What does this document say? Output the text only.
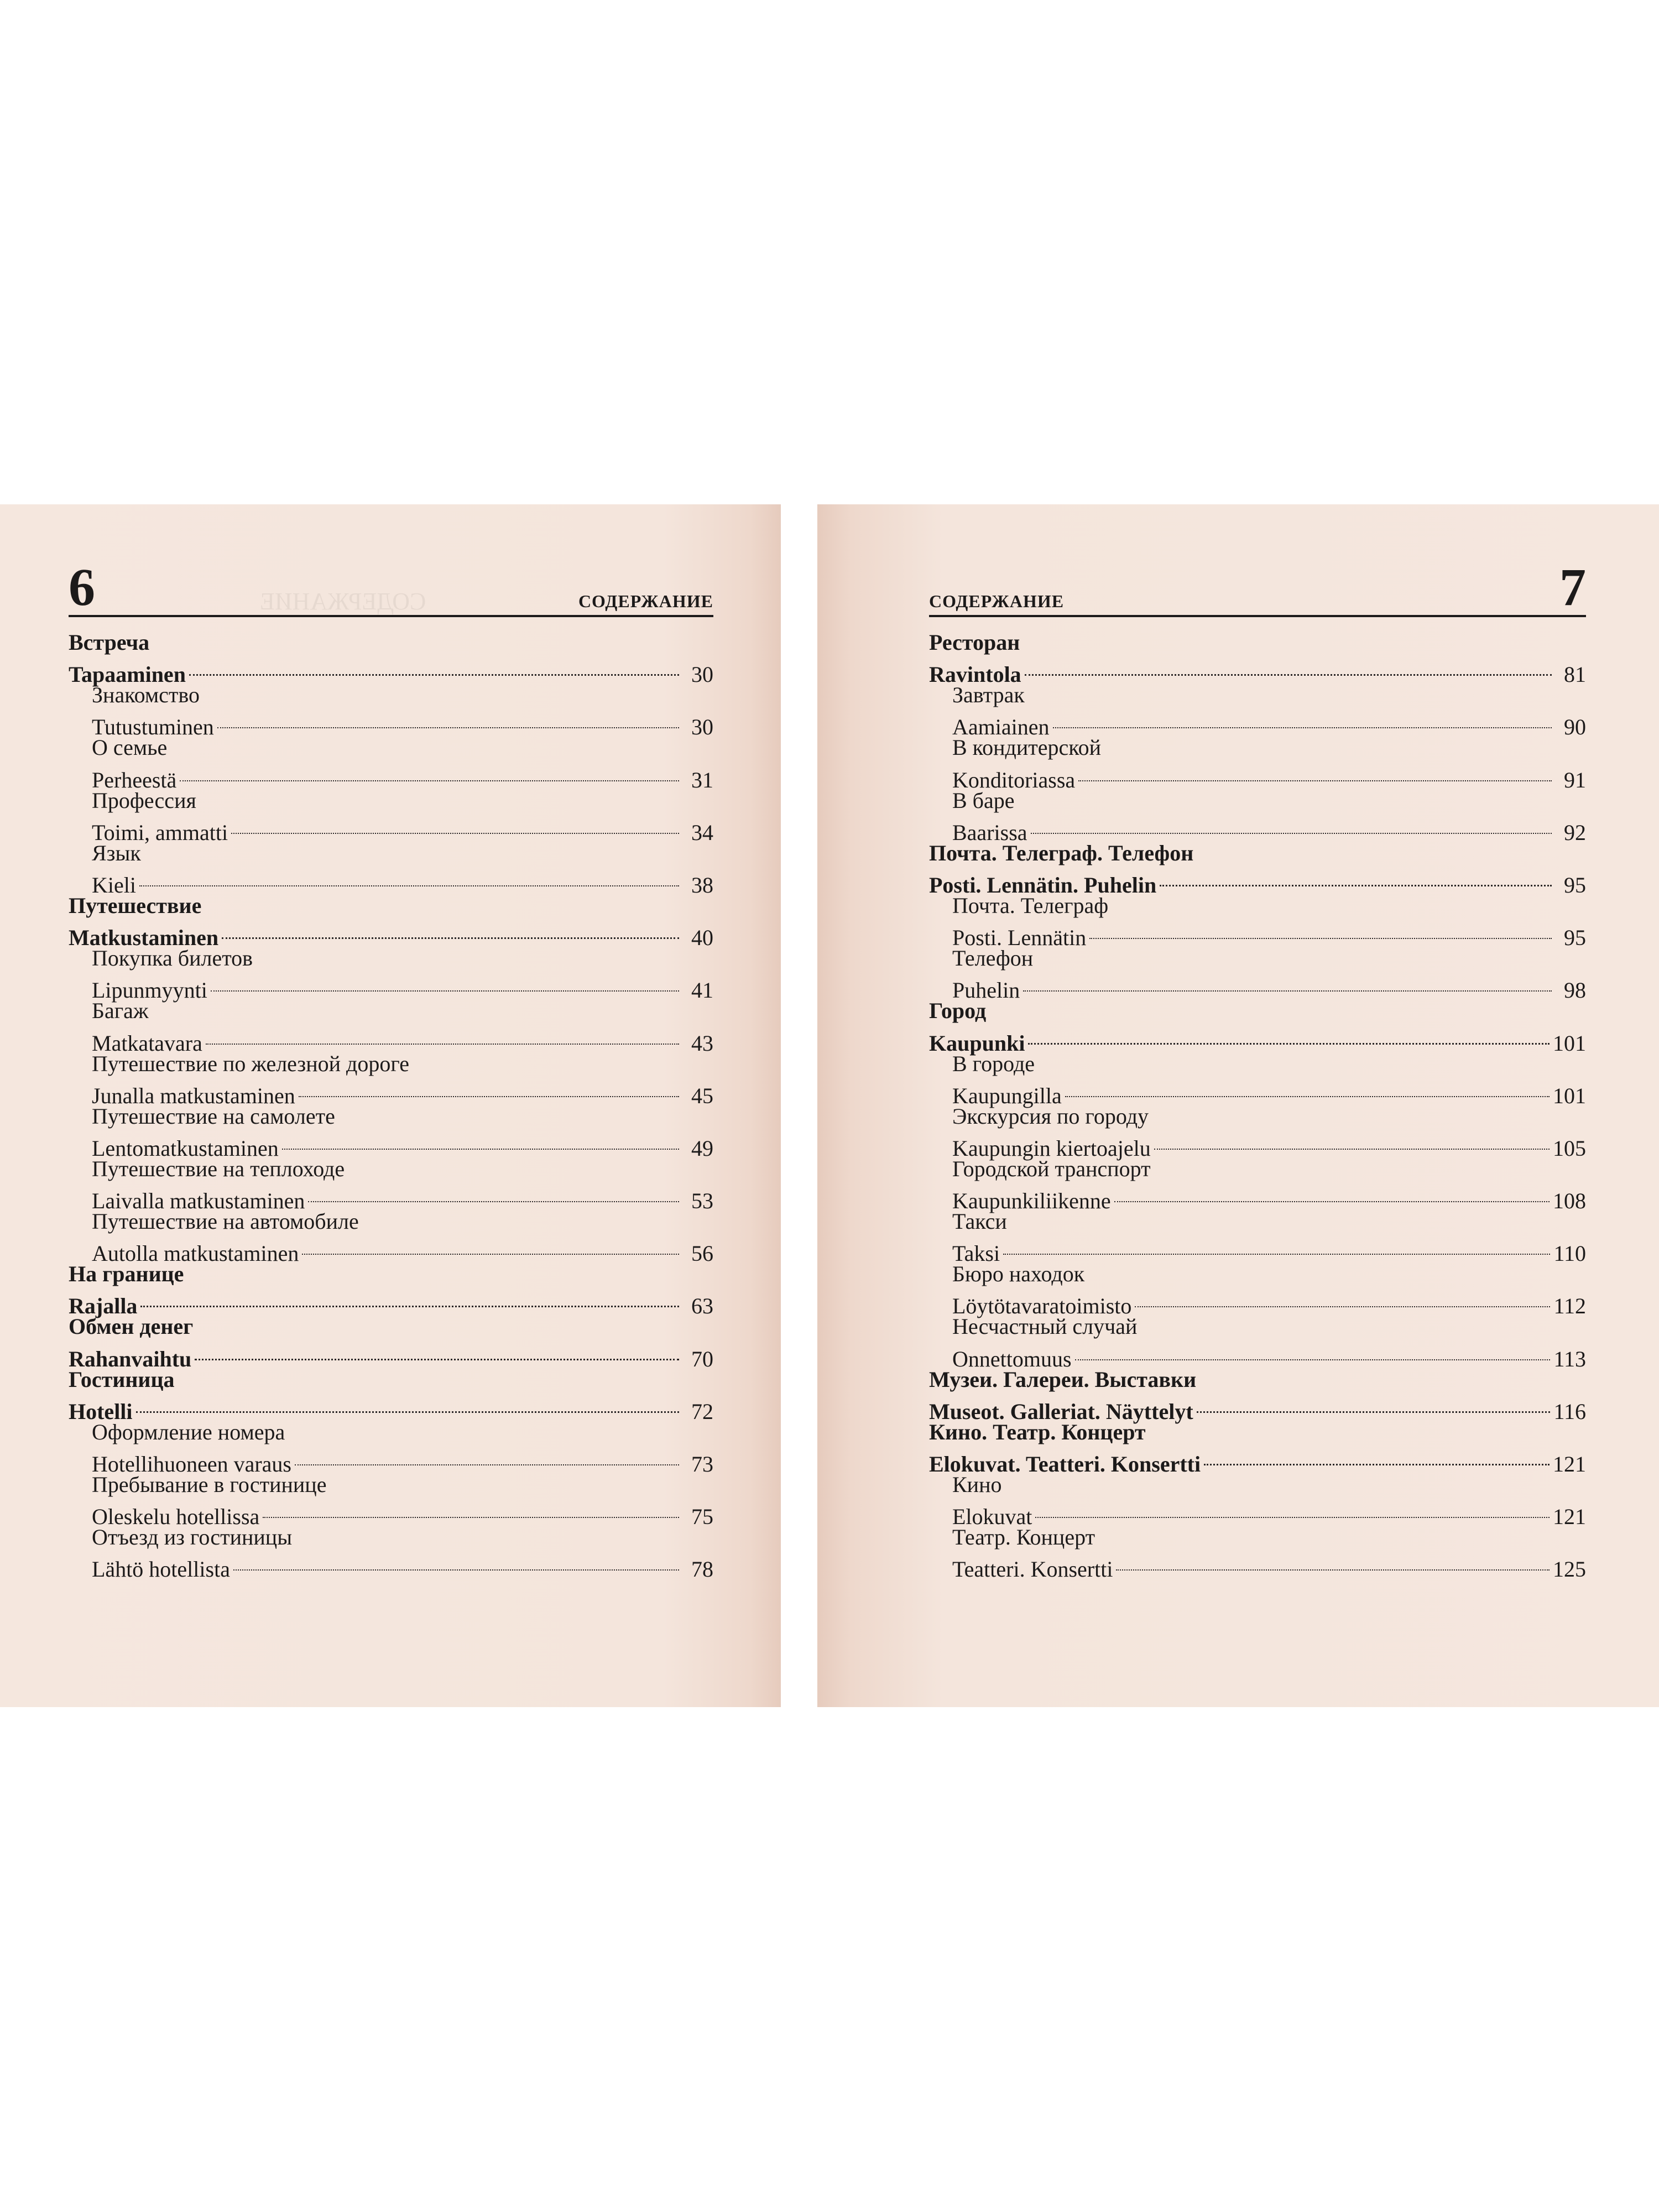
СОДЕРЖАНИЕ
6	СОДЕРЖАНИЕ
Встреча
Tapaaminen	30
Знакомство
Tutustuminen	30
О семье
Perheestä	31
Профессия
Toimi, ammatti	34
Язык
Kieli	38
Путешествие
Matkustaminen	40
Покупка билетов
Lipunmyynti	41
Багаж
Matkatavara	43
Путешествие по железной дороге
Junalla matkustaminen	45
Путешествие на самолете
Lentomatkustaminen	49
Путешествие на теплоходе
Laivalla matkustaminen	53
Путешествие на автомобиле
Autolla matkustaminen	56
На границе
Rajalla	63
Обмен денег
Rahanvaihtu	70
Гостиница
Hotelli	72
Оформление номера
Hotellihuoneen varaus	73
Пребывание в гостинице
Oleskelu hotellissa	75
Отъезд из гостиницы
Lähtö hotellista	78
СОДЕРЖАНИЕ	7
Ресторан
Ravintola	81
Завтрак
Aamiainen	90
В кондитерской
Konditoriassa	91
В баре
Baarissa	92
Почта. Телеграф. Телефон
Posti. Lennätin. Puhelin	95
Почта. Телеграф
Posti. Lennätin	95
Телефон
Puhelin	98
Город
Kaupunki	101
В городе
Kaupungilla	101
Экскурсия по городу
Kaupungin kiertoajelu	105
Городской транспорт
Kaupunkiliikenne	108
Такси
Taksi	110
Бюро находок
Löytötavaratoimisto	112
Несчастный случай
Onnettomuus	113
Музеи. Галереи. Выставки
Museot. Galleriat. Näyttelyt	116
Кино. Театр. Концерт
Elokuvat. Teatteri. Konsertti	121
Кино
Elokuvat	121
Театр. Концерт
Teatteri. Konsertti	125
